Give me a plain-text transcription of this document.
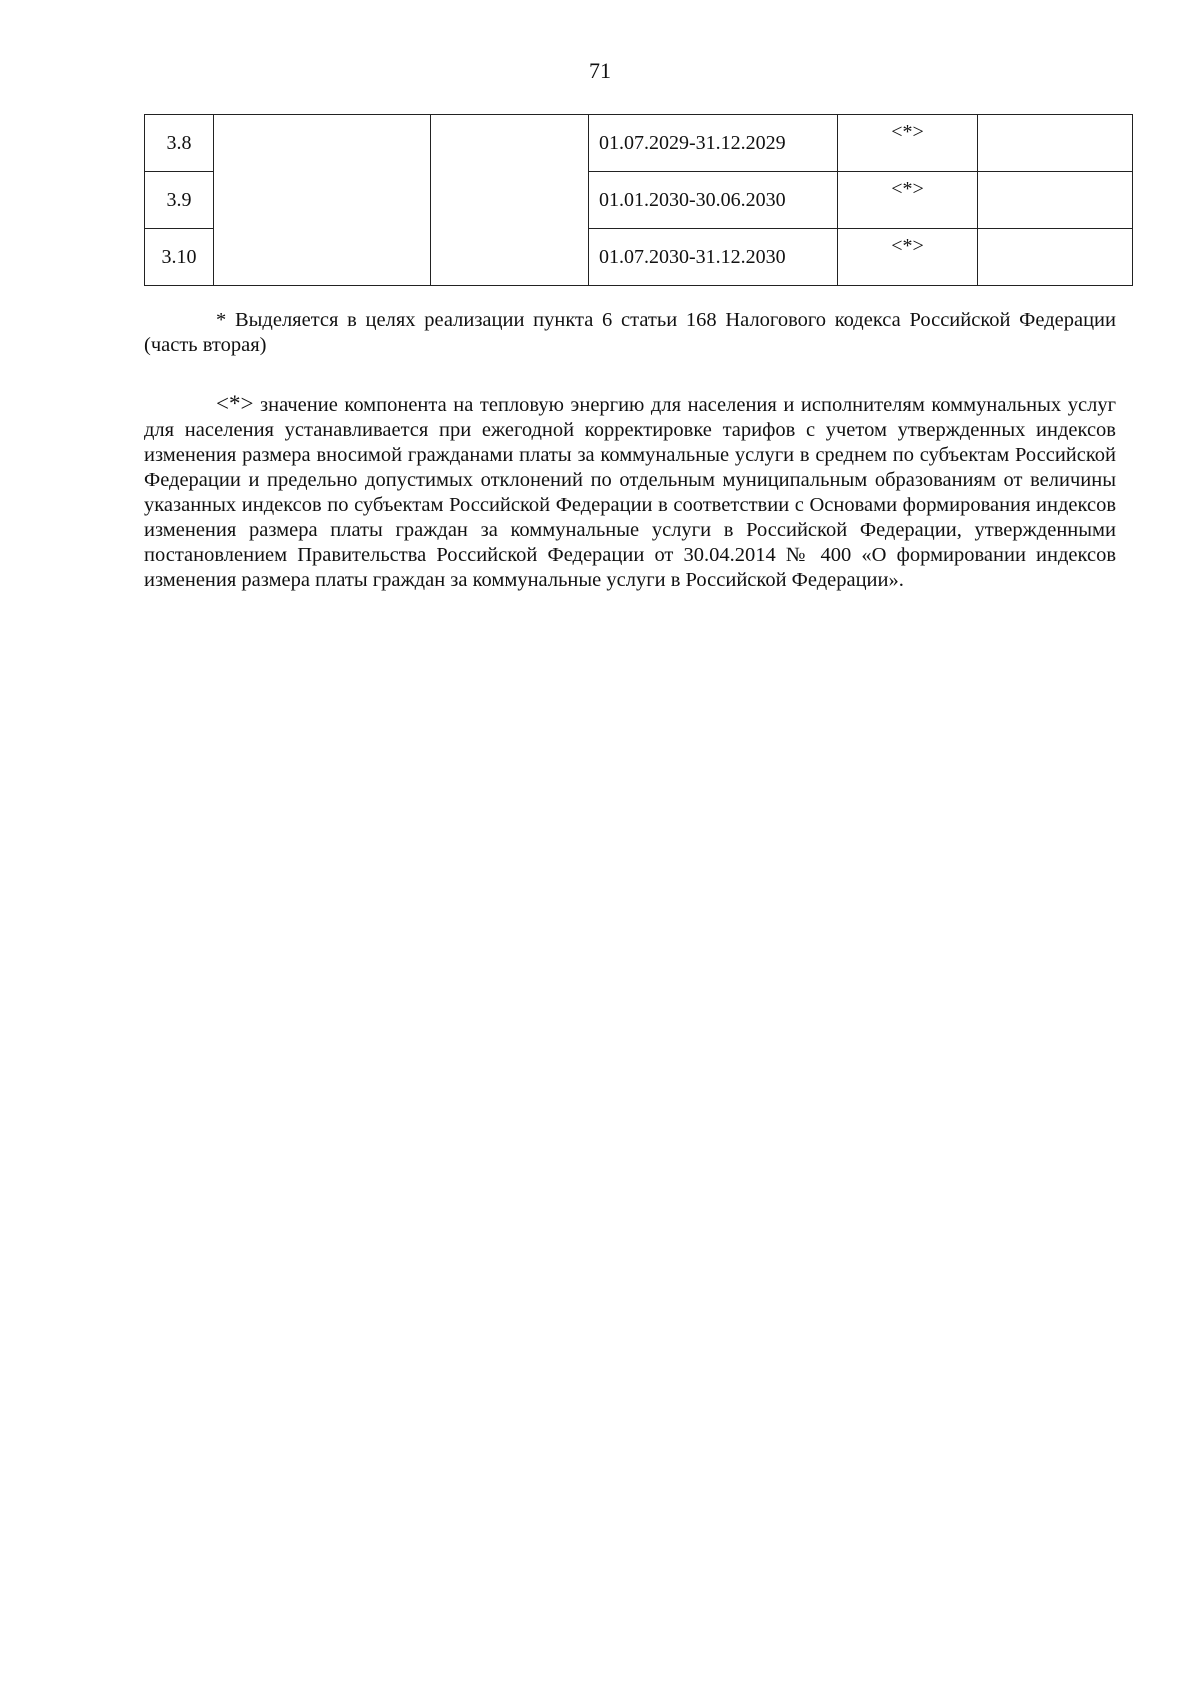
71
3.8			01.07.2029-31.12.2029	<*>	
3.9			01.01.2030-30.06.2030	<*>	
3.10			01.07.2030-31.12.2030	<*>	

* Выделяется в целях реализации пункта 6 статьи 168 Налогового кодекса Российской Федерации (часть вторая)

<*> значение компонента на тепловую энергию для населения и исполнителям коммунальных услуг для населения устанавливается при ежегодной корректировке тарифов с учетом утвержденных индексов изменения размера вносимой гражданами платы за коммунальные услуги в среднем по субъектам Российской Федерации и предельно допустимых отклонений по отдельным муниципальным образованиям от величины указанных индексов по субъектам Российской Федерации в соответствии с Основами формирования индексов изменения размера платы граждан за коммунальные услуги в Российской Федерации, утвержденными постановлением Правительства Российской Федерации от 30.04.2014 № 400 «О формировании индексов изменения размера платы граждан за коммунальные услуги в Российской Федерации».
